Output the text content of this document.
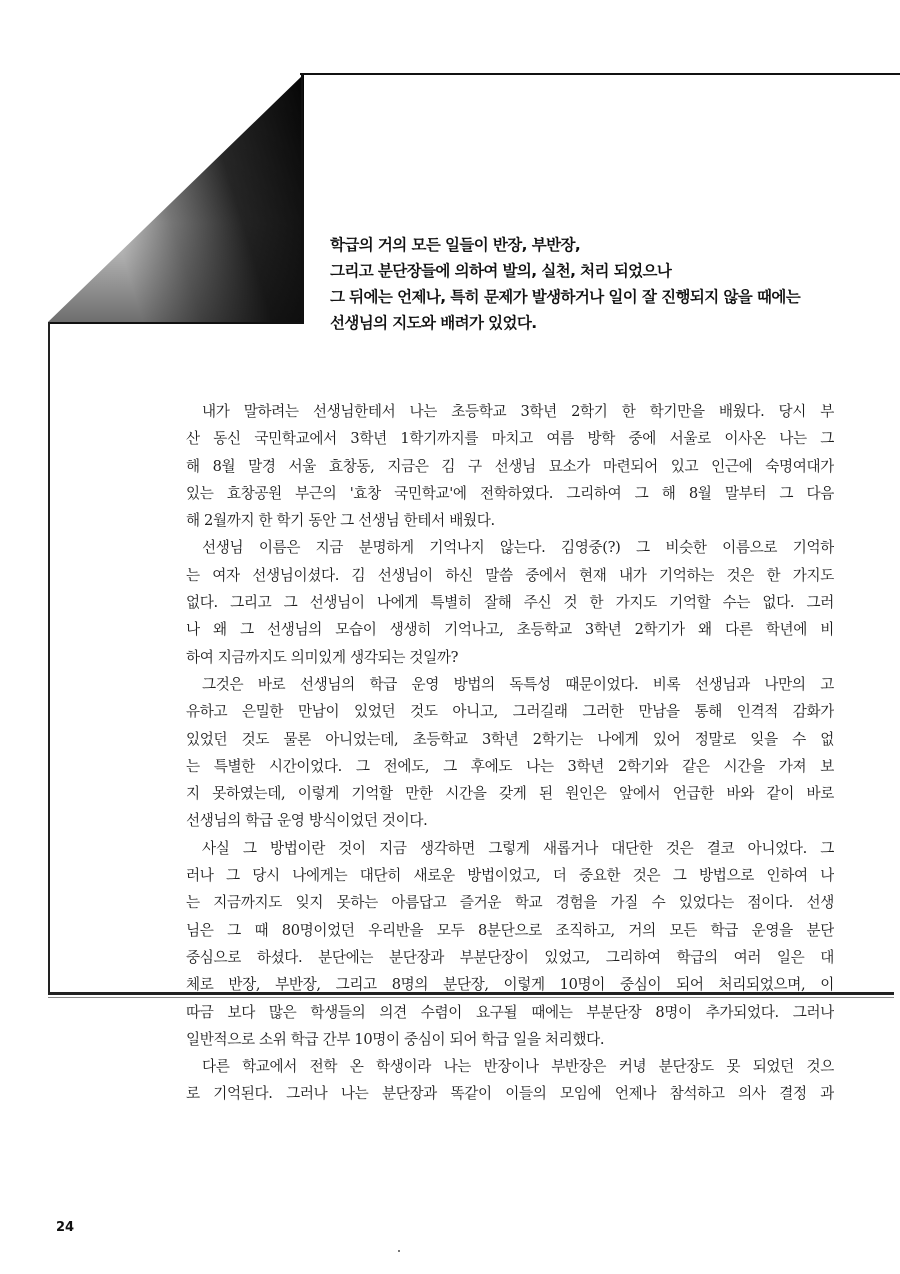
학급의 거의 모든 일들이 반장, 부반장,
그리고 분단장들에 의하여 발의, 실천, 처리 되었으나
그 뒤에는 언제나, 특히 문제가 발생하거나 일이 잘 진행되지 않을 때에는
선생님의 지도와 배려가 있었다.
내가 말하려는 선생님한테서 나는 초등학교 3학년 2학기 한 학기만을 배웠다. 당시 부
산 동신 국민학교에서 3학년 1학기까지를 마치고 여름 방학 중에 서울로 이사온 나는 그
해 8월 말경 서울 효창동, 지금은 김 구 선생님 묘소가 마련되어 있고 인근에 숙명여대가
있는 효창공원 부근의 '효창 국민학교'에 전학하였다. 그리하여 그 해 8월 말부터 그 다음
해 2월까지 한 학기 동안 그 선생님 한테서 배웠다.
선생님 이름은 지금 분명하게 기억나지 않는다. 김영중(?) 그 비슷한 이름으로 기억하
는 여자 선생님이셨다. 김 선생님이 하신 말씀 중에서 현재 내가 기억하는 것은 한 가지도
없다. 그리고 그 선생님이 나에게 특별히 잘해 주신 것 한 가지도 기억할 수는 없다. 그러
나 왜 그 선생님의 모습이 생생히 기억나고, 초등학교 3학년 2학기가 왜 다른 학년에 비
하여 지금까지도 의미있게 생각되는 것일까?
그것은 바로 선생님의 학급 운영 방법의 독특성 때문이었다. 비록 선생님과 나만의 고
유하고 은밀한 만남이 있었던 것도 아니고, 그러길래 그러한 만남을 통해 인격적 감화가
있었던 것도 물론 아니었는데, 초등학교 3학년 2학기는 나에게 있어 정말로 잊을 수 없
는 특별한 시간이었다. 그 전에도, 그 후에도 나는 3학년 2학기와 같은 시간을 가져 보
지 못하였는데, 이렇게 기억할 만한 시간을 갖게 된 원인은 앞에서 언급한 바와 같이 바로
선생님의 학급 운영 방식이었던 것이다.
사실 그 방법이란 것이 지금 생각하면 그렇게 새롭거나 대단한 것은 결코 아니었다. 그
러나 그 당시 나에게는 대단히 새로운 방법이었고, 더 중요한 것은 그 방법으로 인하여 나
는 지금까지도 잊지 못하는 아름답고 즐거운 학교 경험을 가질 수 있었다는 점이다. 선생
님은 그 때 80명이었던 우리반을 모두 8분단으로 조직하고, 거의 모든 학급 운영을 분단
중심으로 하셨다. 분단에는 분단장과 부분단장이 있었고, 그리하여 학급의 여러 일은 대
체로 반장, 부반장, 그리고 8명의 분단장, 이렇게 10명이 중심이 되어 처리되었으며, 이
따금 보다 많은 학생들의 의견 수렴이 요구될 때에는 부분단장 8명이 추가되었다. 그러나
일반적으로 소위 학급 간부 10명이 중심이 되어 학급 일을 처리했다.
다른 학교에서 전학 온 학생이라 나는 반장이나 부반장은 커녕 분단장도 못 되었던 것으
로 기억된다. 그러나 나는 분단장과 똑같이 이들의 모임에 언제나 참석하고 의사 결정 과
24
